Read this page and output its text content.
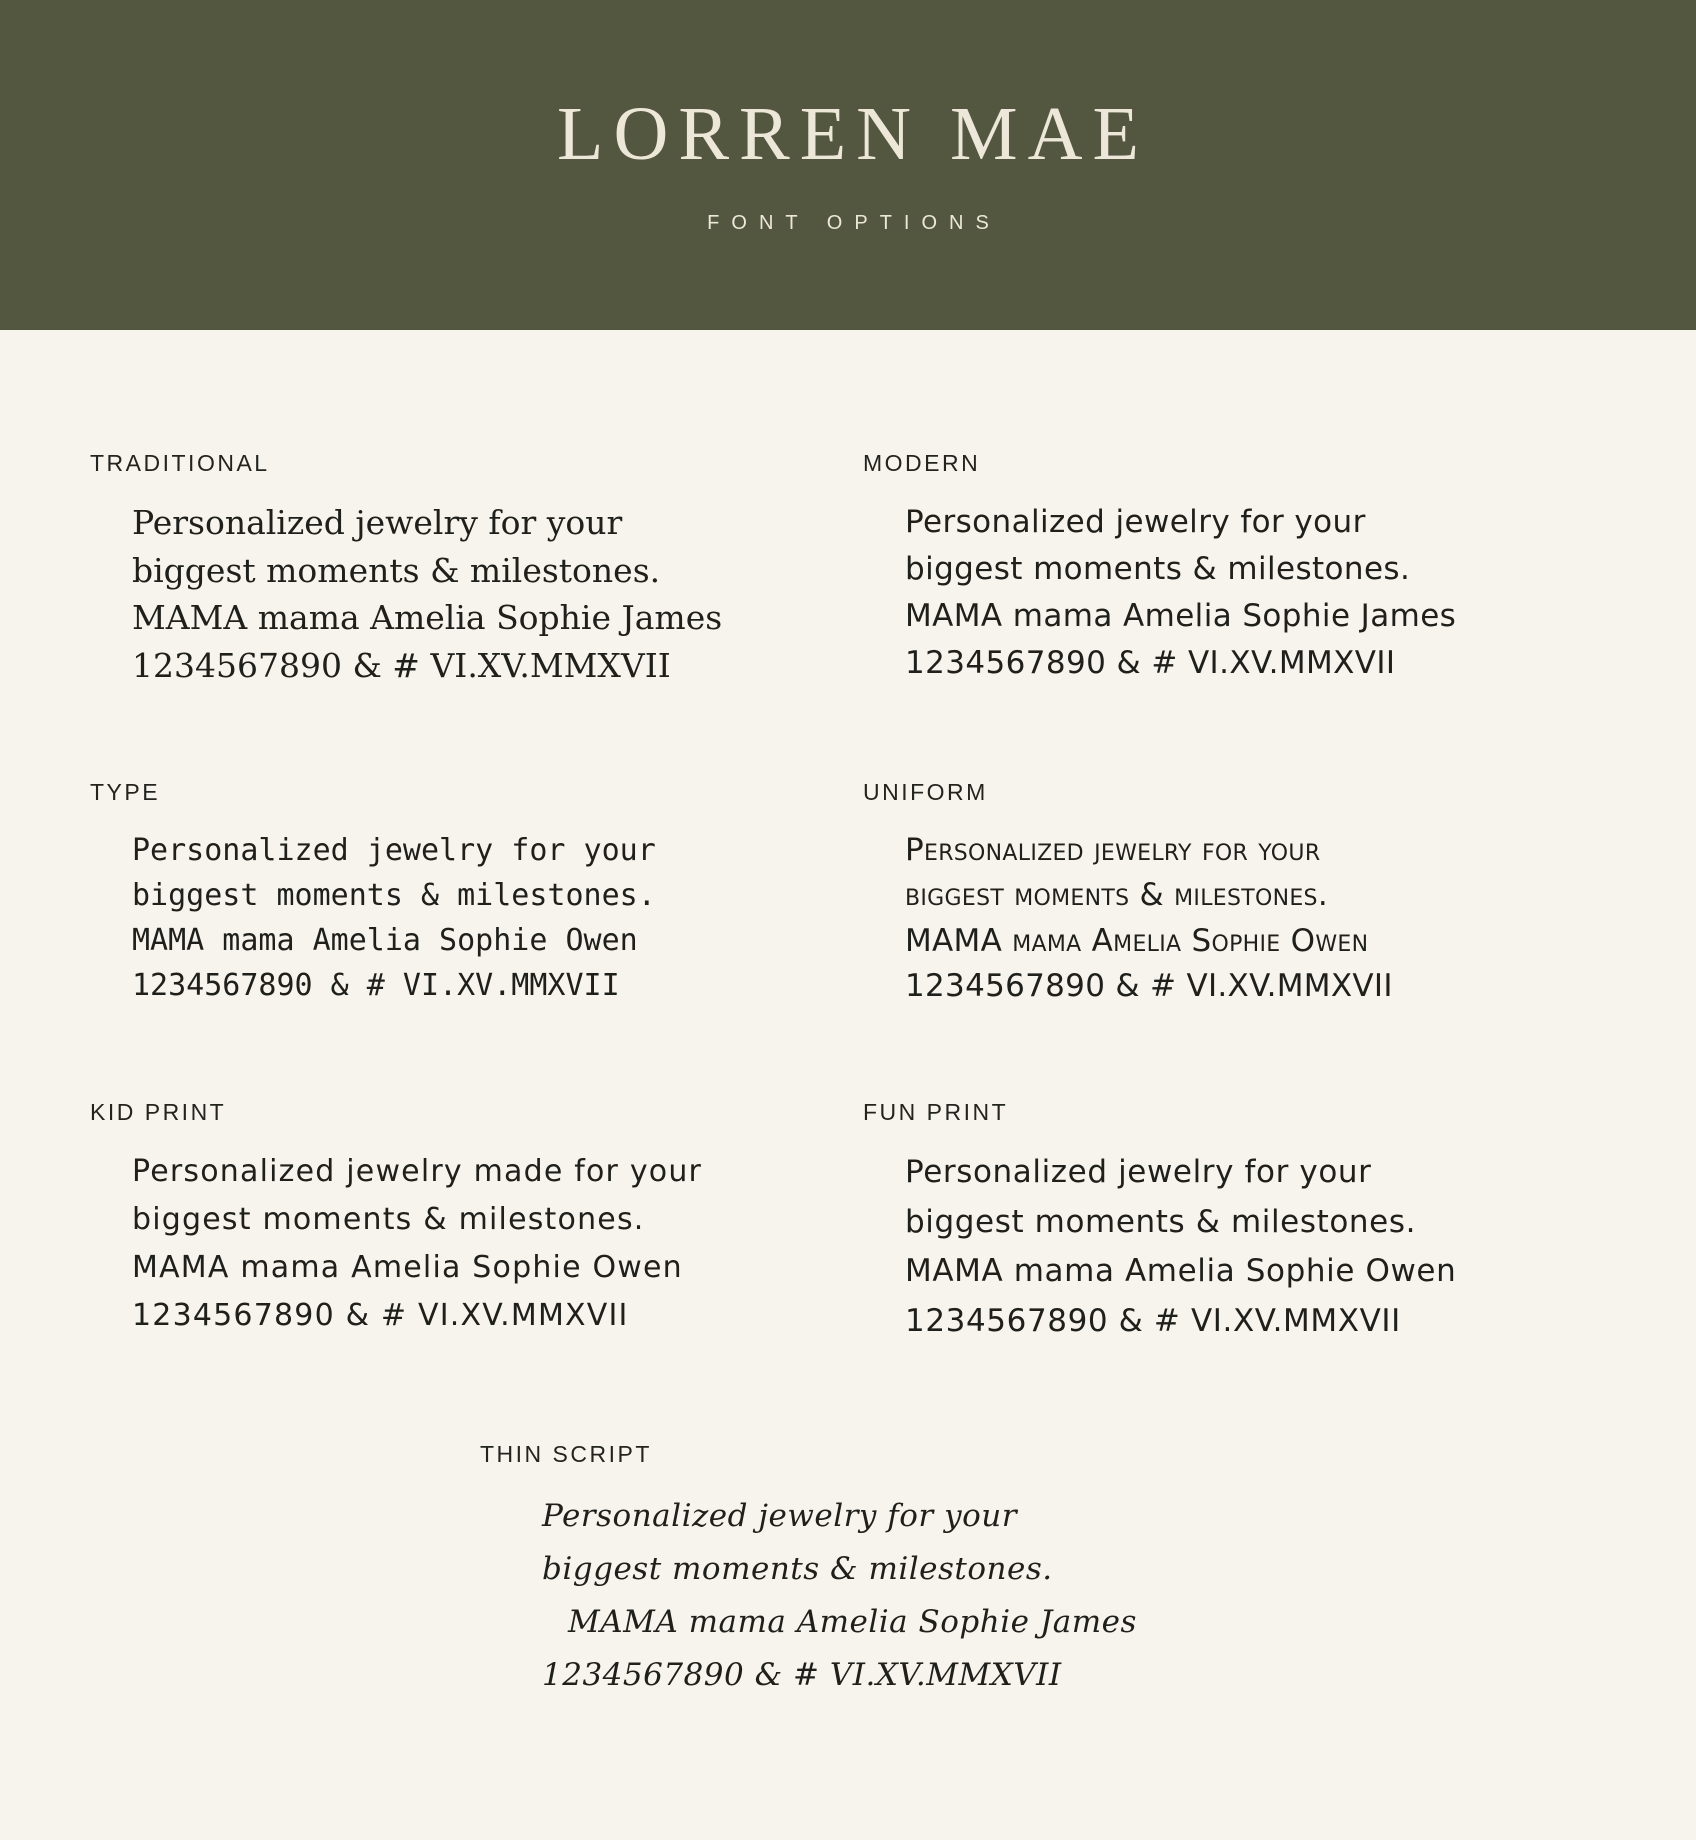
LORREN MAE
FONT OPTIONS
TRADITIONAL
Personalized jewelry for your
biggest moments & milestones.
MAMA mama Amelia Sophie James
1234567890 & # VI.XV.MMXVII
MODERN
Personalized jewelry for your
biggest moments & milestones.
MAMA mama Amelia Sophie James
1234567890 & # VI.XV.MMXVII
TYPE
Personalized jewelry for your
biggest moments & milestones.
MAMA mama Amelia Sophie Owen
1234567890 & # VI.XV.MMXVII
UNIFORM
Personalized jewelry for your
biggest moments & milestones.
MAMA mama Amelia Sophie Owen
1234567890 & # VI.XV.MMXVII
KID PRINT
Personalized jewelry made for your
biggest moments & milestones.
MAMA mama Amelia Sophie Owen
1234567890 & # VI.XV.MMXVII
FUN PRINT
Personalized jewelry for your
biggest moments & milestones.
MAMA mama Amelia Sophie Owen
1234567890 & # VI.XV.MMXVII
THIN SCRIPT
Personalized jewelry for your
biggest moments & milestones.
MAMA mama Amelia Sophie James
1234567890 & # VI.XV.MMXVII
